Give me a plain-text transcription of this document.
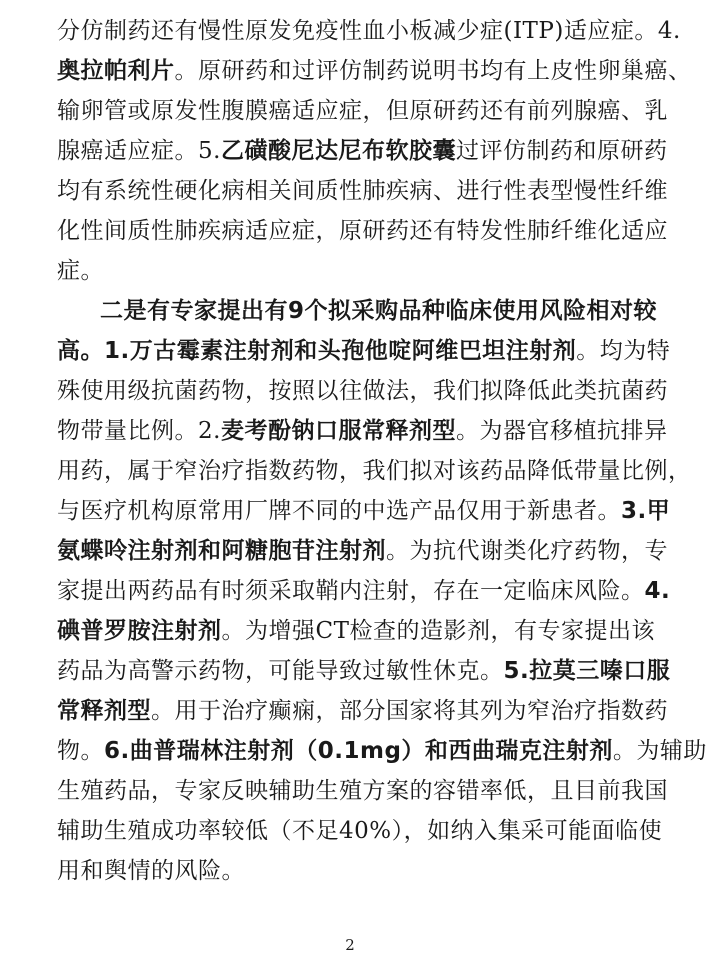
分仿制药还有慢性原发免疫性血小板减少症(ITP)适应症。4.
奥拉帕利片。原研药和过评仿制药说明书均有上皮性卵巢癌、
输卵管或原发性腹膜癌适应症，但原研药还有前列腺癌、乳
腺癌适应症。5.乙磺酸尼达尼布软胶囊过评仿制药和原研药
均有系统性硬化病相关间质性肺疾病、进行性表型慢性纤维
化性间质性肺疾病适应症，原研药还有特发性肺纤维化适应
症。
二是有专家提出有9个拟采购品种临床使用风险相对较
高。1.万古霉素注射剂和头孢他啶阿维巴坦注射剂。均为特
殊使用级抗菌药物，按照以往做法，我们拟降低此类抗菌药
物带量比例。2.麦考酚钠口服常释剂型。为器官移植抗排异
用药，属于窄治疗指数药物，我们拟对该药品降低带量比例，
与医疗机构原常用厂牌不同的中选产品仅用于新患者。3.甲
氨蝶呤注射剂和阿糖胞苷注射剂。为抗代谢类化疗药物，专
家提出两药品有时须采取鞘内注射，存在一定临床风险。4.
碘普罗胺注射剂。为增强CT检查的造影剂，有专家提出该
药品为高警示药物，可能导致过敏性休克。5.拉莫三嗪口服
常释剂型。用于治疗癫痫，部分国家将其列为窄治疗指数药
物。6.曲普瑞林注射剂（0.1mg）和西曲瑞克注射剂。为辅助
生殖药品，专家反映辅助生殖方案的容错率低，且目前我国
辅助生殖成功率较低（不足40%），如纳入集采可能面临使
用和舆情的风险。
2
